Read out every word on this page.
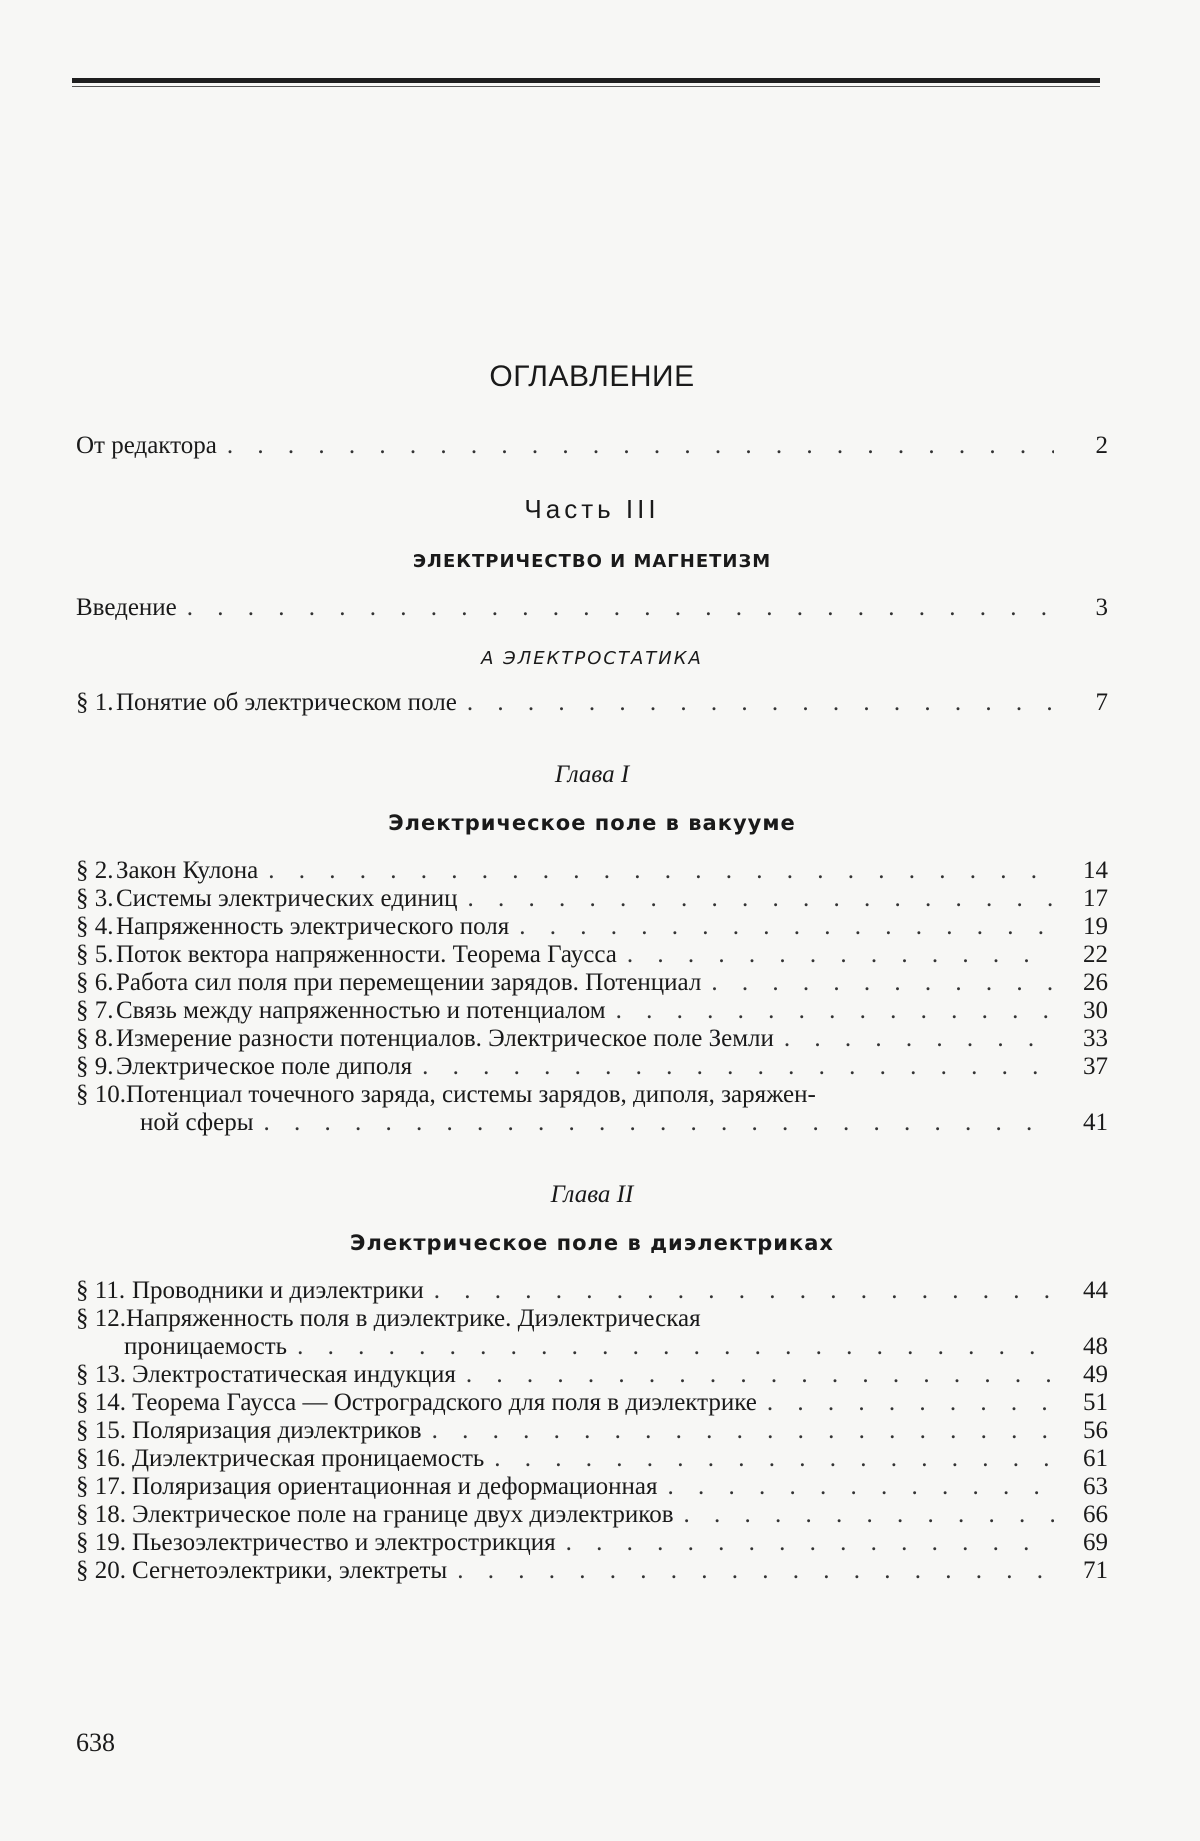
ОГЛАВЛЕНИЕ
От редактора . . .	2
Часть III
ЭЛЕКТРИЧЕСТВО И МАГНЕТИЗМ
Введение . . .	3
А ЭЛЕКТРОСТАТИКА
§ 1. Понятие об электрическом поле . . .	7
Глава I
Электрическое поле в вакууме
§ 2. Закон Кулона . . .	14
§ 3. Системы электрических единиц . . .	17
§ 4. Напряженность электрического поля . . .	19
§ 5. Поток вектора напряженности. Теорема Гаусса . . .	22
§ 6. Работа сил поля при перемещении зарядов. Потенциал . . .	26
§ 7. Связь между напряженностью и потенциалом . . .	30
§ 8. Измерение разности потенциалов. Электрическое поле Земли . . .	33
§ 9. Электрическое поле диполя . . .	37
§ 10. Потенциал точечного заряда, системы зарядов, диполя, заряжен-
ной сферы . . .	41
Глава II
Электрическое поле в диэлектриках
§ 11. Проводники и диэлектрики . . .	44
§ 12. Напряженность поля в диэлектрике. Диэлектрическая
проницаемость . . .	48
§ 13. Электростатическая индукция . . .	49
§ 14. Теорема Гаусса — Остроградского для поля в диэлектрике . . .	51
§ 15. Поляризация диэлектриков . . .	56
§ 16. Диэлектрическая проницаемость . . .	61
§ 17. Поляризация ориентационная и деформационная . . .	63
§ 18. Электрическое поле на границе двух диэлектриков . . .	66
§ 19. Пьезоэлектричество и электрострикция . . .	69
§ 20. Сегнетоэлектрики, электреты . . .	71
638
